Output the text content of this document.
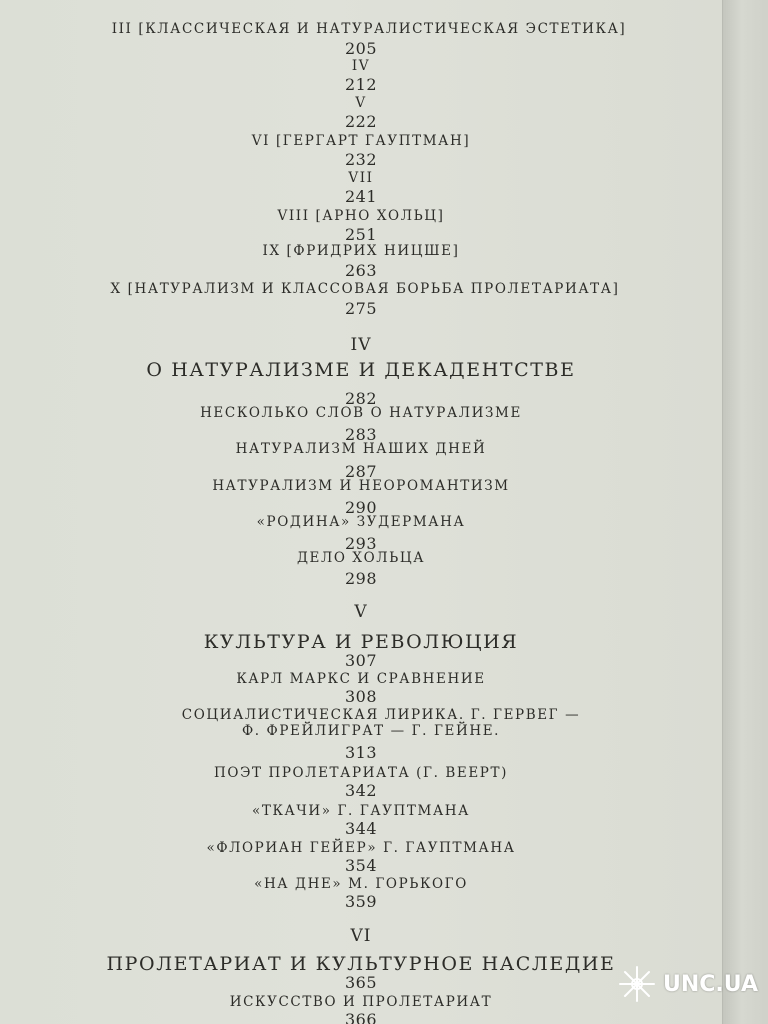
III [КЛАССИЧЕСКАЯ И НАТУРАЛИСТИЧЕСКАЯ ЭСТЕТИКА]
205
IV
212
V
222
VI [ГЕРГАРТ ГАУПТМАН]
232
VII
241
VIII [АРНО ХОЛЬЦ]
251
IX [ФРИДРИХ НИЦШЕ]
263
X [НАТУРАЛИЗМ И КЛАССОВАЯ БОРЬБА ПРОЛЕТАРИАТА]
275
IV
О НАТУРАЛИЗМЕ И ДЕКАДЕНТСТВЕ
282
НЕСКОЛЬКО СЛОВ О НАТУРАЛИЗМЕ
283
НАТУРАЛИЗМ НАШИХ ДНЕЙ
287
НАТУРАЛИЗМ И НЕОРОМАНТИЗМ
290
«РОДИНА» ЗУДЕРМАНА
293
ДЕЛО ХОЛЬЦА
298
V
КУЛЬТУРА И РЕВОЛЮЦИЯ
307
КАРЛ МАРКС И СРАВНЕНИЕ
308
СОЦИАЛИСТИЧЕСКАЯ ЛИРИКА. Г. ГЕРВЕГ —
Ф. ФРЕЙЛИГРАТ — Г. ГЕЙНЕ.
313
ПОЭТ ПРОЛЕТАРИАТА (Г. ВЕЕРТ)
342
«ТКАЧИ» Г. ГАУПТМАНА
344
«ФЛОРИАН ГЕЙЕР» Г. ГАУПТМАНА
354
«НА ДНЕ» М. ГОРЬКОГО
359
VI
ПРОЛЕТАРИАТ И КУЛЬТУРНОЕ НАСЛЕДИЕ
365
ИСКУССТВО И ПРОЛЕТАРИАТ
366
UNC.UA
